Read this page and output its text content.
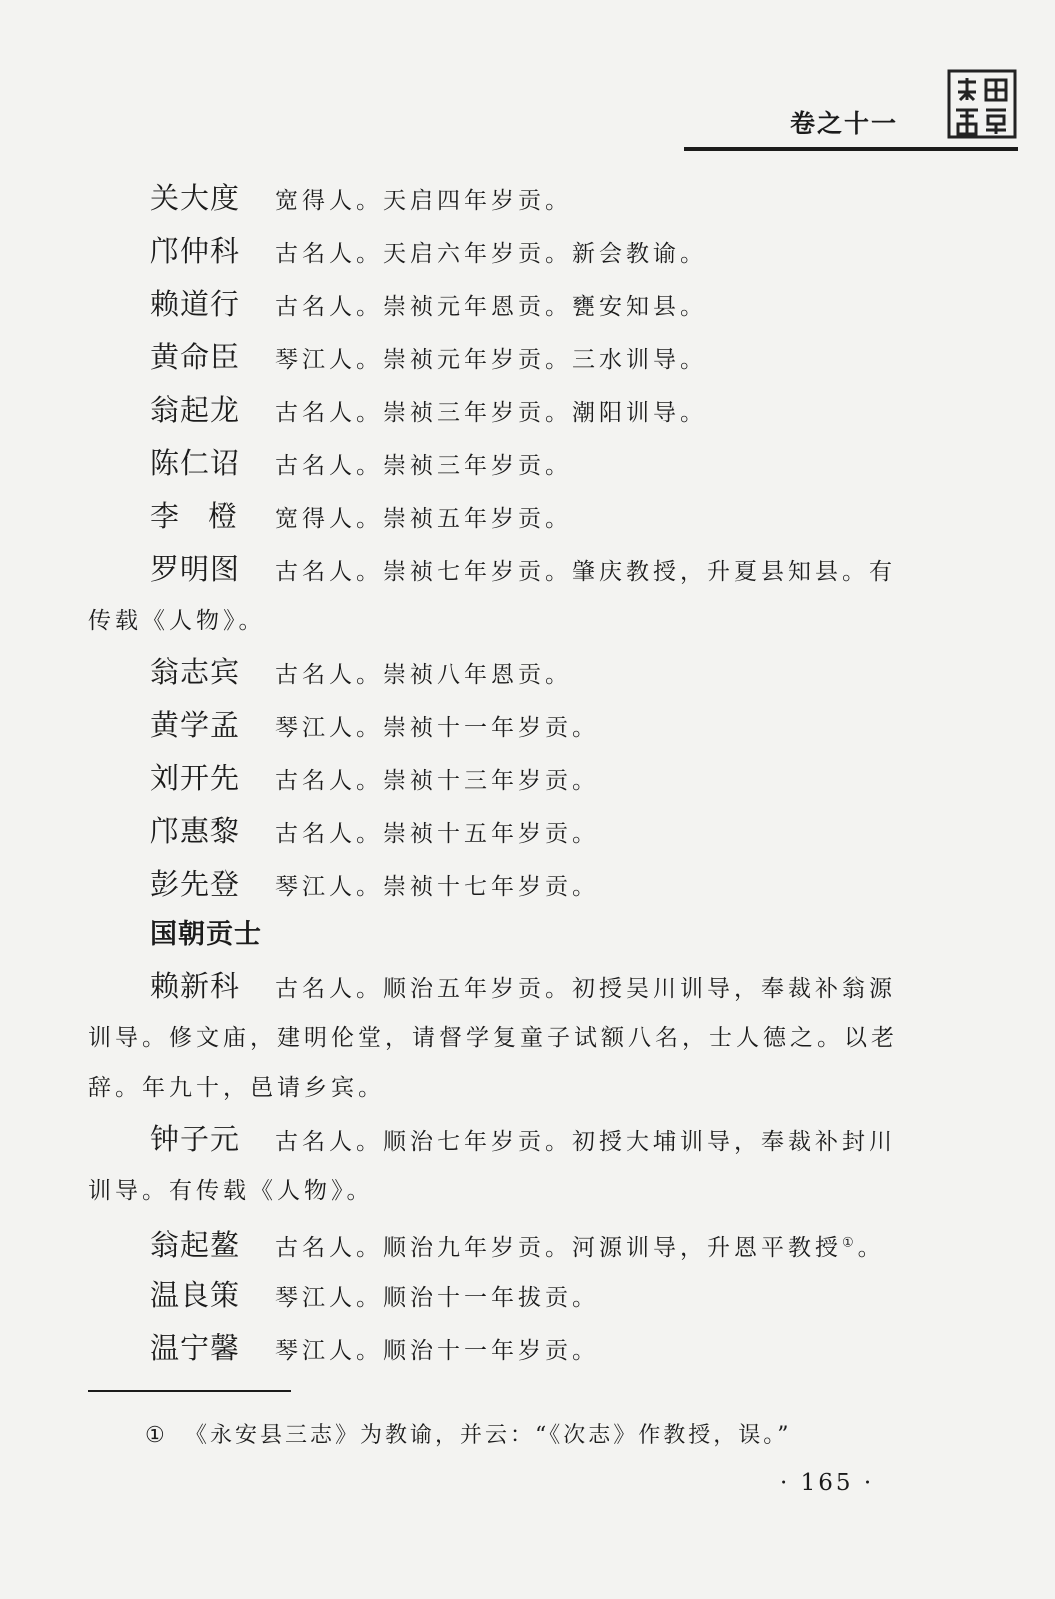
卷之十一
关大度 宽得人。天启四年岁贡。
邝仲科 古名人。天启六年岁贡。新会教谕。
赖道行 古名人。崇祯元年恩贡。甕安知县。
黄命臣 琴江人。崇祯元年岁贡。三水训导。
翁起龙 古名人。崇祯三年岁贡。潮阳训导。
陈仁诏 古名人。崇祯三年岁贡。
李　橙 宽得人。崇祯五年岁贡。
罗明图 古名人。崇祯七年岁贡。肇庆教授，升夏县知县。有
传载《人物》。
翁志宾 古名人。崇祯八年恩贡。
黄学孟 琴江人。崇祯十一年岁贡。
刘开先 古名人。崇祯十三年岁贡。
邝惠黎 古名人。崇祯十五年岁贡。
彭先登 琴江人。崇祯十七年岁贡。
国朝贡士
赖新科 古名人。顺治五年岁贡。初授吴川训导，奉裁补翁源
训导。修文庙，建明伦堂，请督学复童子试额八名，士人德之。以老
辞。年九十，邑请乡宾。
钟子元 古名人。顺治七年岁贡。初授大埔训导，奉裁补封川
训导。有传载《人物》。
翁起鳌 古名人。顺治九年岁贡。河源训导，升恩平教授①。
温良策 琴江人。顺治十一年拔贡。
温宁馨 琴江人。顺治十一年岁贡。
① 《永安县三志》为教谕，并云：“《次志》作教授，误。”
· 165 ·
